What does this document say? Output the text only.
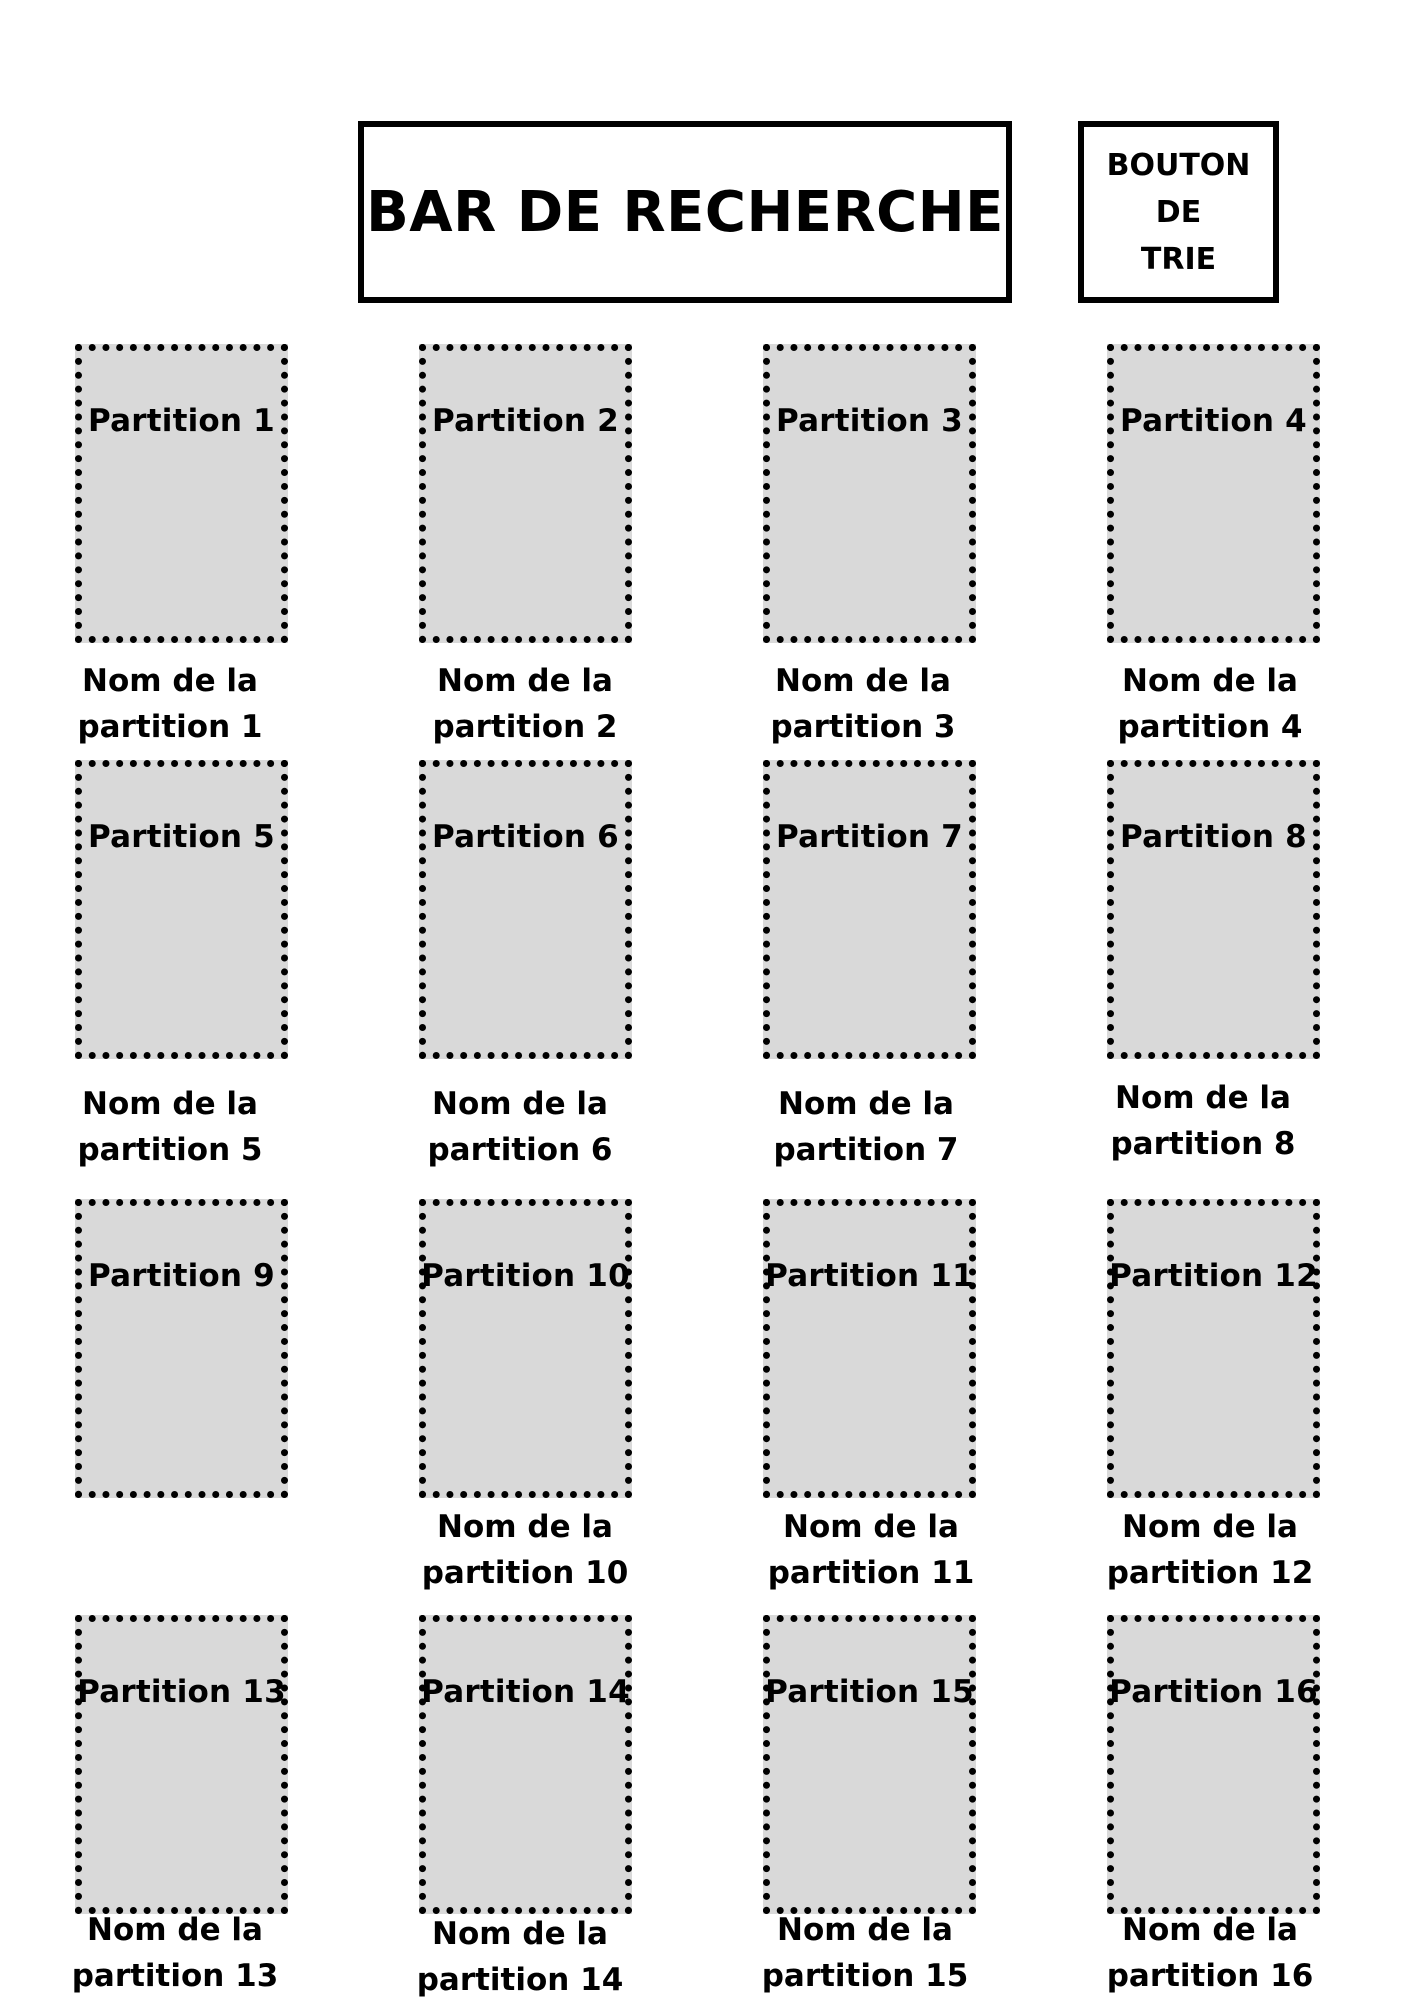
BAR DE RECHERCHE
BOUTON
DE
TRIE
Partition 1	Partition 2	Partition 3	Partition 4
Nom de la
partition 1
Nom de la
partition 2
Nom de la
partition 3
Nom de la
partition 4
Partition 5	Partition 6	Partition 7	Partition 8
Nom de la
partition 5
Nom de la
partition 6
Nom de la
partition 7
Nom de la
partition 8
Partition 9	Partition 10	Partition 11	Partition 12
Nom de la
partition 10
Nom de la
partition 11
Nom de la
partition 12
Partition 13	Partition 14	Partition 15	Partition 16
Nom de la
partition 13
Nom de la
partition 14
Nom de la
partition 15
Nom de la
partition 16
